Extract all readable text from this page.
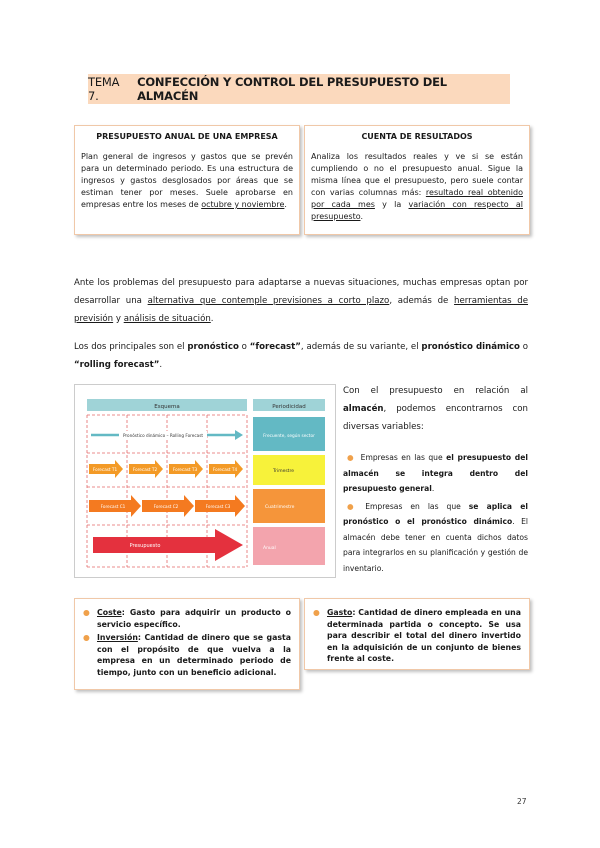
TEMA 7.
CONFECCIÓN Y CONTROL DEL PRESUPUESTO DEL ALMACÉN
PRESUPUESTO ANUAL DE UNA EMPRESA

Plan general de ingresos y gastos que se prevén para un determinado periodo. Es una estructura de ingresos y gastos desglosados por áreas que se estiman tener por meses. Suele aprobarse en empresas entre los meses de octubre y noviembre.

CUENTA DE RESULTADOS

Analiza los resultados reales y ve si se están cumpliendo o no el presupuesto anual. Sigue la misma línea que el presupuesto, pero suele contar con varias columnas más: resultado real obtenido por cada mes y la variación con respecto al presupuesto.

Ante los problemas del presupuesto para adaptarse a nuevas situaciones, muchas empresas optan por desarrollar una alternativa que contemple previsiones a corto plazo, además de herramientas de previsión y análisis de situación.

Los dos principales son el pronóstico o “forecast”, además de su variante, el pronóstico dinámico o “rolling forecast”.

Esquema	Periodicidad
Pronóstico dinámico – Rolling Forecast	Frecuente, según sector
Forecast T1	Forecast T2	Forecast T3	Forecast T4	Trimestre
Forecast C1	Forecast C2	Forecast C3	Cuatrimestre
Presupuesto	Anual

Con el presupuesto en relación al almacén, podemos encontrarnos con diversas variables:

● Empresas en las que el presupuesto del almacén se integra dentro del presupuesto general.
● Empresas en las que se aplica el pronóstico o el pronóstico dinámico. El almacén debe tener en cuenta dichos datos para integrarlos en su planificación y gestión de inventario.
● Coste: Gasto para adquirir un producto o servicio específico.
● Inversión: Cantidad de dinero que se gasta con el propósito de que vuelva a la empresa en un determinado periodo de tiempo, junto con un beneficio adicional.
● Gasto: Cantidad de dinero empleada en una determinada partida o concepto. Se usa para describir el total del dinero invertido en la adquisición de un conjunto de bienes frente al coste.
27
